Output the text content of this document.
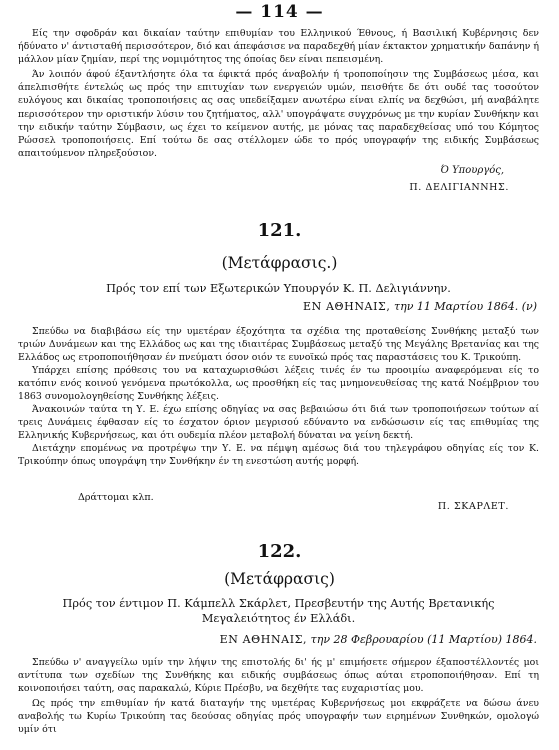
— 114 —

Είς την σφοδράν και δικαίαν ταύτην επιθυμίαν του Ελληνικού Έθνους, ή Βασιλική Κυβέρνησις δεν ήδύνατο ν' άντισταθή περισσότερον, διό και άπεφάσισε να παραδεχθή μίαν έκτακτον χρηματικήν δαπάνην ή μάλλον μίαν ζημίαν, περί της νομιμότητος της όποίας δεν είναι πεπεισμένη.

Άν λοιπόν άφού έξαντλήσητε όλα τα έφικτά πρός άναβολήν ή τροποποίησιν της Συμβάσεως μέσα, και άπελπισθήτε έντελώς ως πρός την επιτυχίαν των ενεργειών υμών, πεισθήτε δε ότι ουδέ τας τοσούτον ευλόγους και δικαίας τροποποιήσεις ας σας υπεδείξαμεν ανωτέρω είναι ελπίς να δεχθώσι, μή αναβάλητε περισσότερον την οριστικήν λύσιν του ζητήματος, αλλ' υπογράψατε συγχρόνως με την κυρίαν Συνθήκην και την ειδικήν ταύτην Σύμβασιν, ως έχει το κείμενον αυτής, με μόνας τας παραδεχθείσας υπό του Κόμητος Ρώσσελ τροποποιήσεις. Επί τούτω δε σας στέλλομεν ώδε το πρός υπογραφήν της ειδικής Συμβάσεως απαιτούμενον πληρεξούσιον.

Ό Υπουργός,
Π. ΔΕΛΙΓΙΑΝΝΗΣ.
121.
(Μετάφρασις.)
Πρός τον επί των Εξωτερικών Υπουργόν Κ. Π. Δελιγιάννην.
ΕΝ ΑΘΗΝΑΙΣ, την 11 Μαρτίου 1864. (ν)

Σπεύδω να διαβιβάσω είς την υμετέραν έξοχότητα τα σχέδια της προταθείσης Συνθήκης μεταξύ των τριών Δυνάμεων και της Ελλάδος ως και της ιδιαιτέρας Συμβάσεως μεταξύ της Μεγάλης Βρετανίας και της Ελλάδος ως ετροποποιήθησαν έν πνεύματι όσον οιόν τε ευνοϊκώ πρός τας παραστάσεις του Κ. Τρικούπη.

Υπάρχει επίσης πρόθεσις του να καταχωρισθώσι λέξεις τινές έν τω προοιμίω αναφερόμεναι είς το κατόπιν ενός κοινού γενόμενα πρωτόκολλα, ως προσθήκη είς τας μνημονευθείσας της κατά Νοέμβριον του 1863 συνομολογηθείσης Συνθήκης λέξεις.

Άνακοινών ταύτα τη Υ. Ε. έχω επίσης οδηγίας να σας βεβαιώσω ότι διά των τροποποιήσεων τούτων αί τρεις Δυνάμεις έφθασαν είς το έσχατον όριον μεγρισού εδύναντο να ενδώσωσιν είς τας επιθυμίας της Ελληνικής Κυβερνήσεως, και ότι ουδεμία πλέον μεταβολή δύναται να γείνη δεκτή.

Διετάχην επομένως να προτρέψω την Υ. Ε. να πέμψη αμέσως διά του τηλεγράφου οδηγίας είς τον Κ. Τρικούπην όπως υπογράψη την Συνθήκην έν τη ενεστώση αυτής μορφή.

Δράττομαι κλπ.
Π. ΣΚΑΡΛΕΤ.
122.
(Μετάφρασις)
Πρός τον έντιμον Π. Κάμπελλ Σκάρλετ, Πρεσβευτήν της Αυτής Βρετανικής
Μεγαλειότητος έν Ελλάδι.
ΕΝ ΑΘΗΝΑΙΣ, την 28 Φεβρουαρίου (11 Μαρτίου) 1864.

Σπεύδω ν' αναγγείλω υμίν την λήψιν της επιστολής δι' ής μ' επιμήσετε σήμερον έξαποστέλλοντές μοι αντίτυπα των σχεδίων της Συνθήκης και ειδικής συμβάσεως όπως αύται ετροποποιήθησαν. Επί τη κοινοποιήσει ταύτη, σας παρακαλώ, Κύριε Πρέσβυ, να δεχθήτε τας ευχαριστίας μου.

Ως πρός την επιθυμίαν ήν κατά διαταγήν της υμετέρας Κυβερνήσεως μοι εκφράζετε να δώσω άνευ αναβολής τω Κυρίω Τρικούπη τας δεούσας οδηγίας πρός υπογραφήν των ειρημένων Συνθηκών, ομολογώ υμίν ότι
